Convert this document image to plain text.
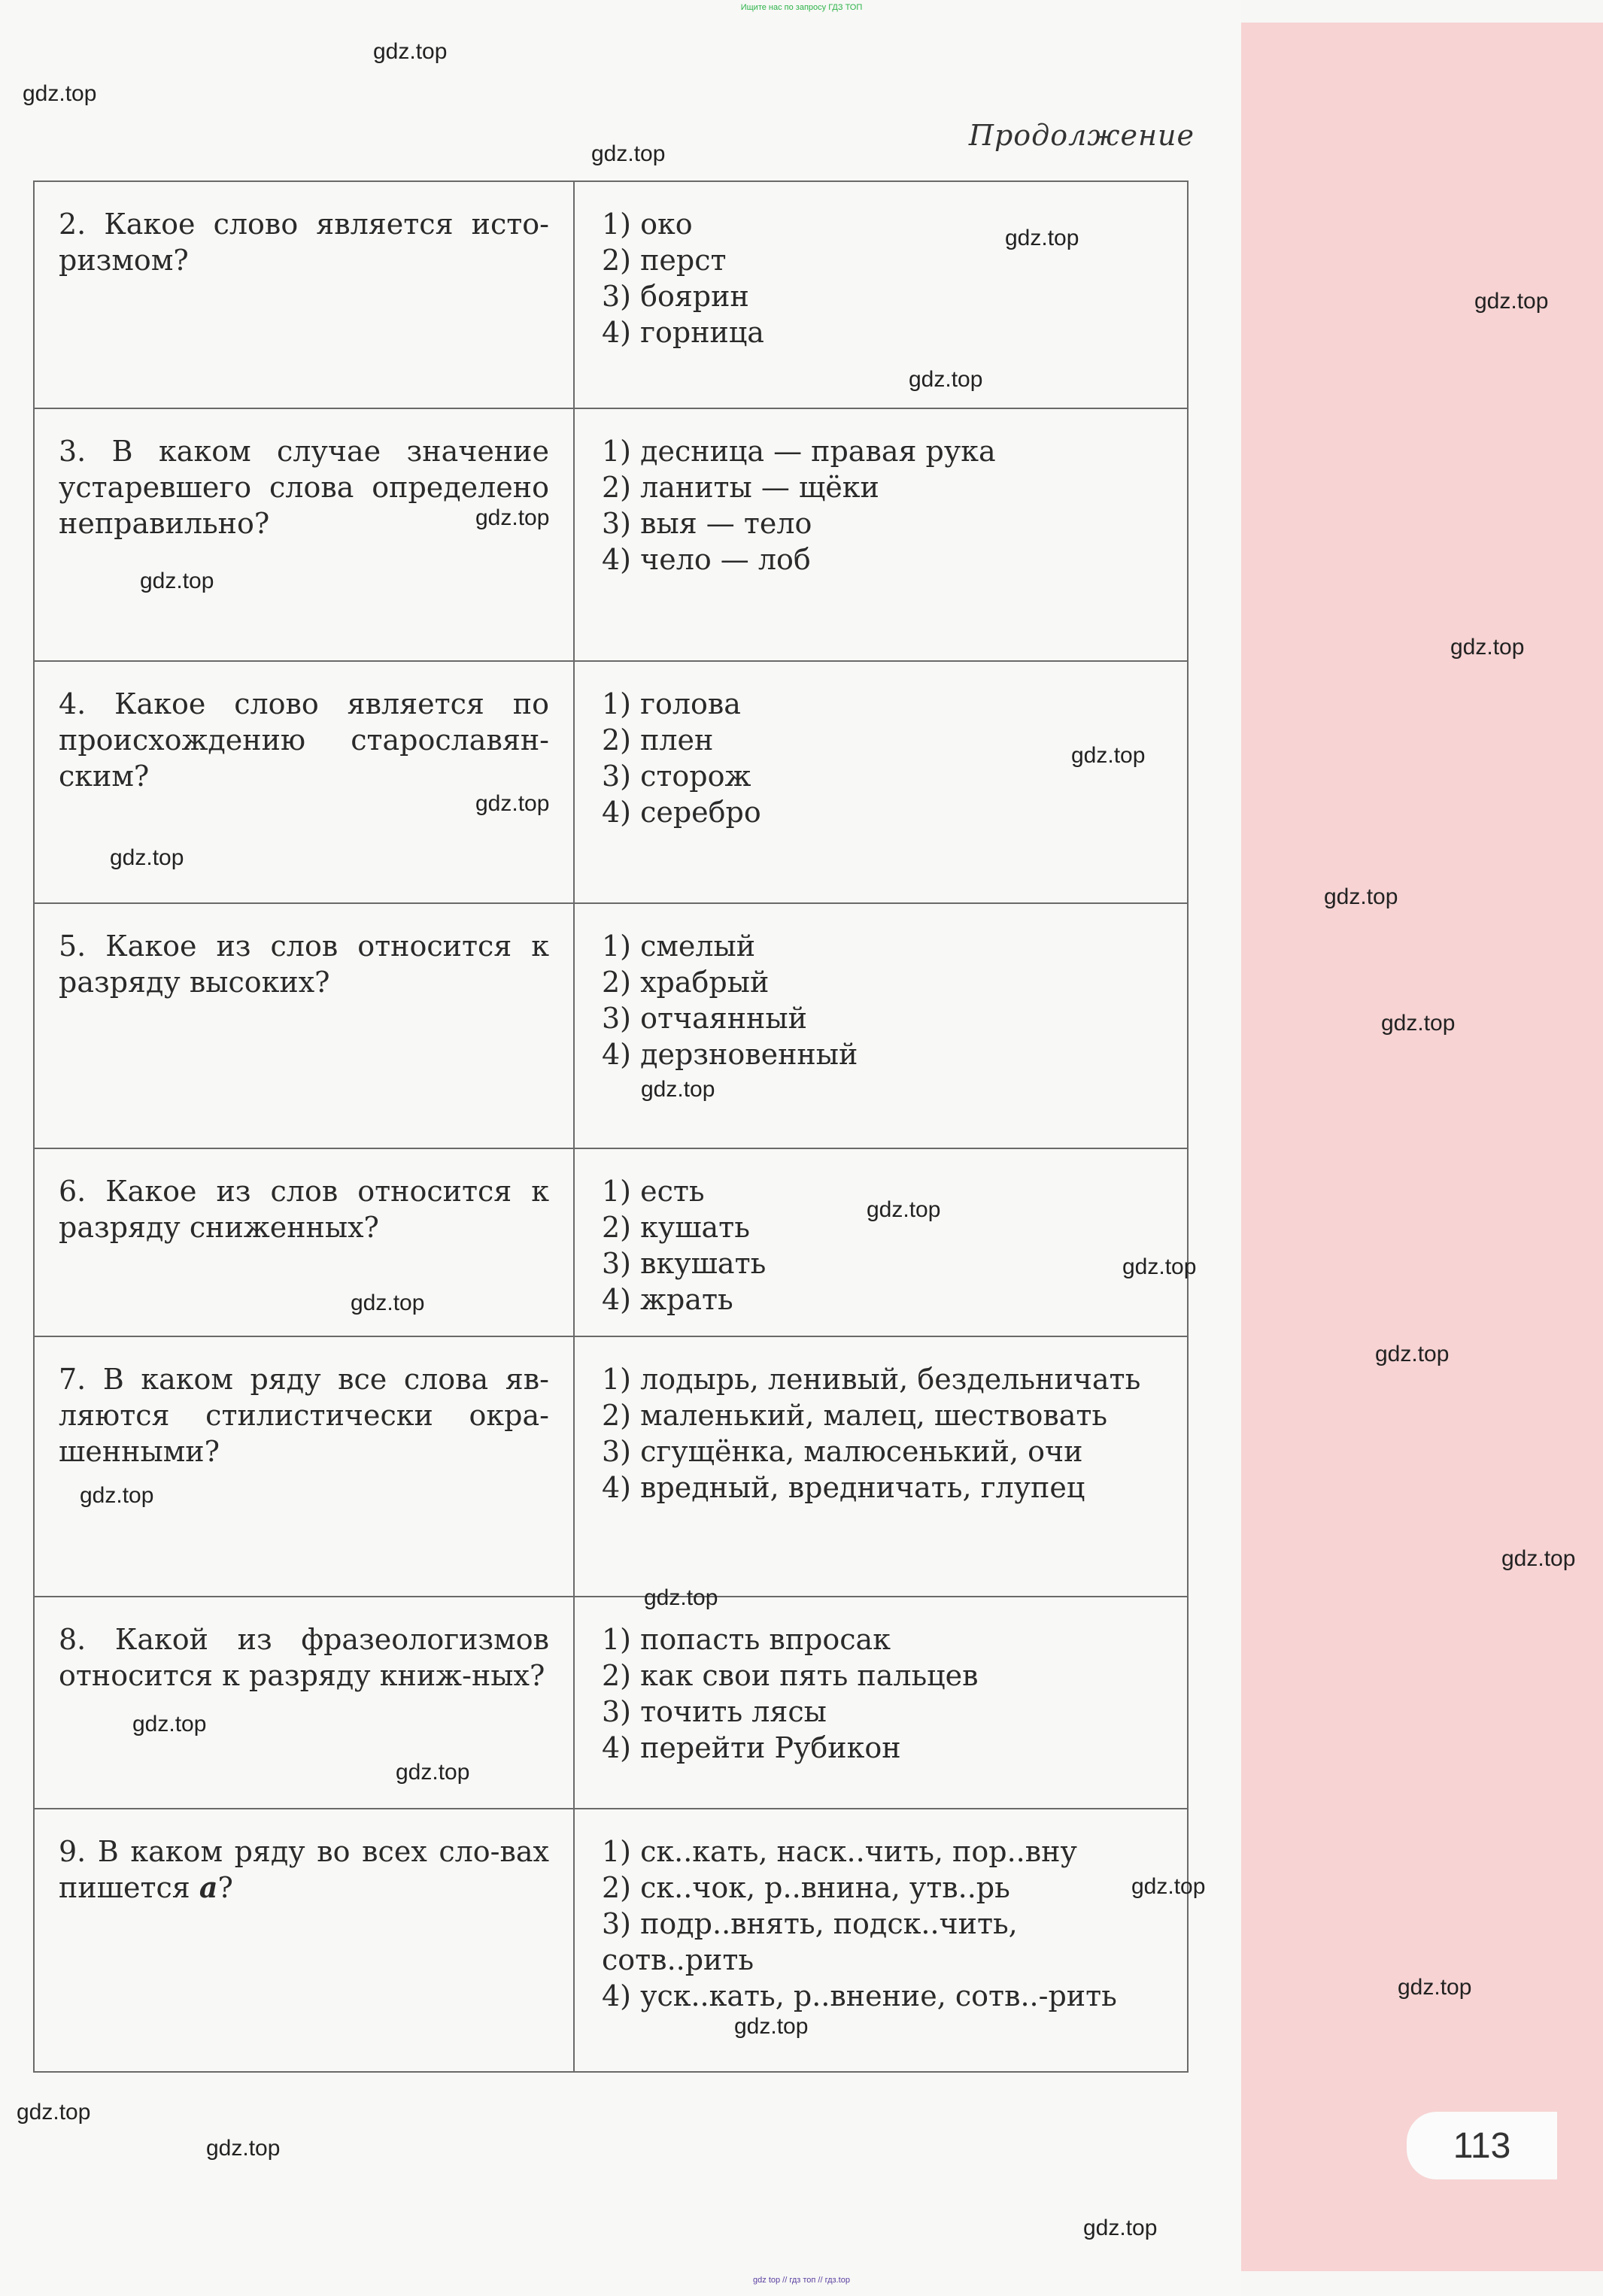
Ищите нас по запросу ГДЗ ТОП
Продолжение
2. Какое слово является исто-ризмом?	1) око
2) перст
3) боярин
4) горница

3. В каком случае значение устаревшего слова определено неправильно?	1) десница — правая рука
2) ланиты — щёки
3) выя — тело
4) чело — лоб

4. Какое слово является по происхождению старославян-ским?	1) голова
2) плен
3) сторож
4) серебро

5. Какое из слов относится к разряду высоких?	1) смелый
2) храбрый
3) отчаянный
4) дерзновенный

6. Какое из слов относится к разряду сниженных?	1) есть
2) кушать
3) вкушать
4) жрать

7. В каком ряду все слова яв-ляются стилистически окра-шенными?	1) лодырь, ленивый, бездельничать
2) маленький, малец, шествовать
3) сгущёнка, малюсенький, очи
4) вредный, вредничать, глупец

8. Какой из фразеологизмов относится к разряду книж-ных?	1) попасть впросак
2) как свои пять пальцев
3) точить лясы
4) перейти Рубикон

9. В каком ряду во всех сло-вах пишется а?	1) ск..кать, наск..чить, пор..вну
2) ск..чок, р..внина, утв..рь
3) подр..внять, подск..чить, сотв..рить
4) уск..кать, р..внение, сотв..-рить
113
gdz.top
gdz.top
gdz.top
gdz.top
gdz.top
gdz.top
gdz.top
gdz.top
gdz.top
gdz.top
gdz.top
gdz.top
gdz.top
gdz.top
gdz.top
gdz.top
gdz.top
gdz.top
gdz.top
gdz.top
gdz.top
gdz.top
gdz.top
gdz.top
gdz.top
gdz.top
gdz.top
gdz.top
gdz.top
gdz.top
gdz top // гдз топ // гдз.top
